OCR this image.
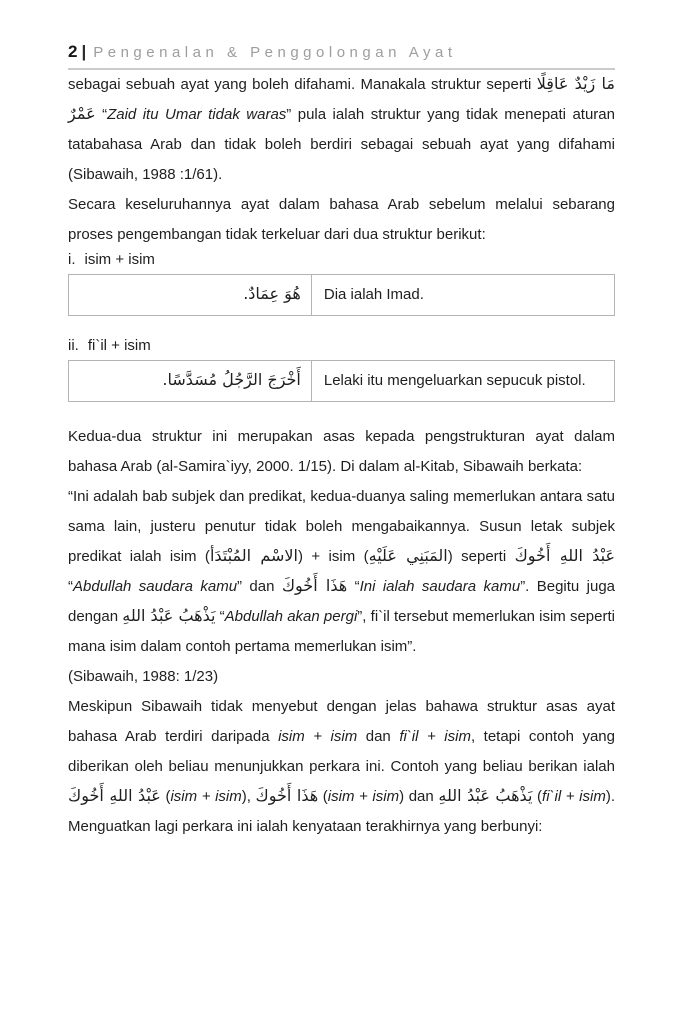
2 | Pengenalan & Penggolongan Ayat

sebagai sebuah ayat yang boleh difahami. Manakala struktur seperti مَا زَيْدٌ عَاقِلًا عَمْرٌ “Zaid itu Umar tidak waras” pula ialah struktur yang tidak menepati aturan tatabahasa Arab dan tidak boleh berdiri sebagai sebuah ayat yang difahami (Sibawaih, 1988 :1/61).

Secara keseluruhannya ayat dalam bahasa Arab sebelum melalui sebarang proses pengembangan tidak terkeluar dari dua struktur berikut:

i. isim + isim
هُوَ عِمَادٌ.	Dia ialah Imad.
ii. fi`il + isim
أَخْرَجَ الرَّجُلُ مُسَدَّسًا.	Lelaki itu mengeluarkan sepucuk pistol.

Kedua-dua struktur ini merupakan asas kepada pengstrukturan ayat dalam bahasa Arab (al-Samira`iyy, 2000. 1/15). Di dalam al-Kitab, Sibawaih berkata:

“Ini adalah bab subjek dan predikat, kedua-duanya saling memerlukan antara satu sama lain, justeru penutur tidak boleh mengabaikannya. Susun letak subjek predikat ialah isim (الاسْم المُبْتَدَأ) + isim (المَبَنِي عَلَيْهِ) seperti عَبْدُ اللهِ أَخُوكَ “Abdullah saudara kamu” dan هَذَا أَخُوكَ “Ini ialah saudara kamu”. Begitu juga dengan يَذْهَبُ عَبْدُ اللهِ “Abdullah akan pergi”, fi`il tersebut memerlukan isim seperti mana isim dalam contoh pertama memerlukan isim”.

(Sibawaih, 1988: 1/23)

Meskipun Sibawaih tidak menyebut dengan jelas bahawa struktur asas ayat bahasa Arab terdiri daripada isim + isim dan fi`il + isim, tetapi contoh yang diberikan oleh beliau menunjukkan perkara ini. Contoh yang beliau berikan ialah عَبْدُ اللهِ أَخُوكَ (isim + isim), هَذَا أَخُوكَ (isim + isim) dan يَذْهَبُ عَبْدُ اللهِ (fi`il + isim). Menguatkan lagi perkara ini ialah kenyataan terakhirnya yang berbunyi:
